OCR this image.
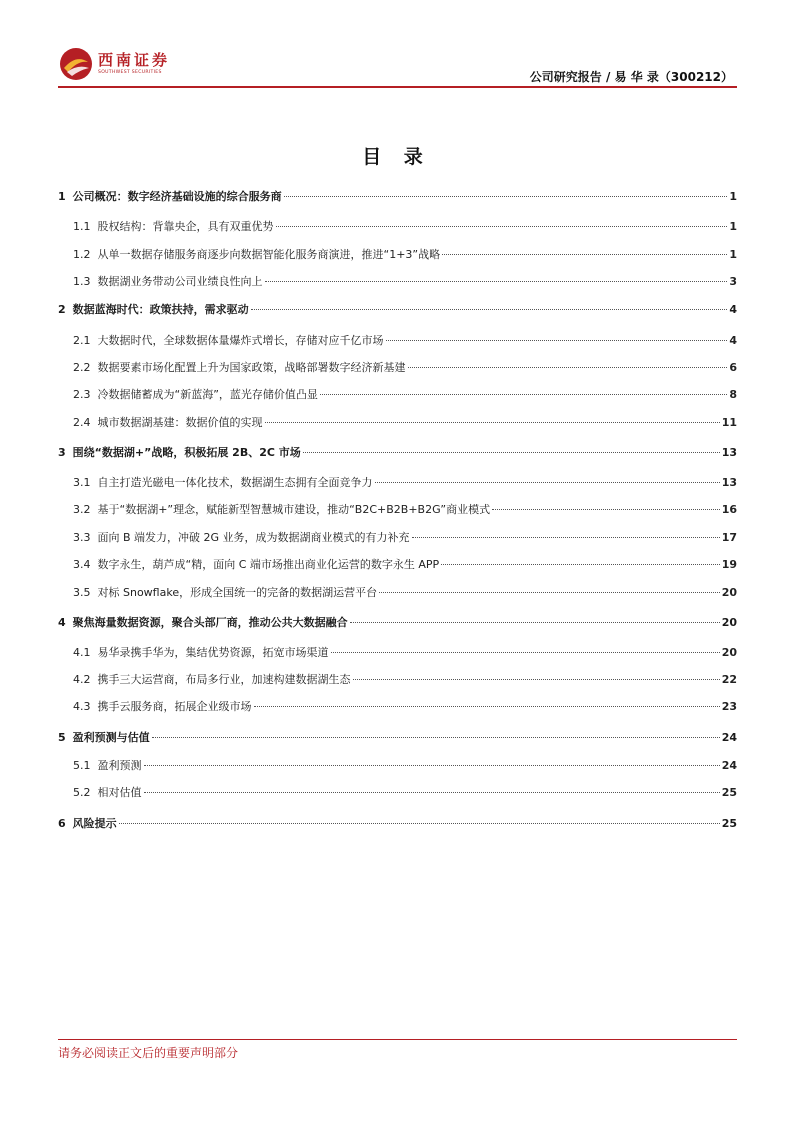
西南证券
SOUTHWEST SECURITIES	公司研究报告 / 易 华 录（300212）
目 录
1 公司概况：数字经济基础设施的综合服务商	1
1.1 股权结构：背靠央企，具有双重优势	1
1.2 从单一数据存储服务商逐步向数据智能化服务商演进，推进“1+3”战略	1
1.3 数据湖业务带动公司业绩良性向上	3
2 数据蓝海时代：政策扶持，需求驱动	4
2.1 大数据时代，全球数据体量爆炸式增长，存储对应千亿市场	4
2.2 数据要素市场化配置上升为国家政策，战略部署数字经济新基建	6
2.3 冷数据储蓄成为“新蓝海”，蓝光存储价值凸显	8
2.4 城市数据湖基建：数据价值的实现	11
3 围绕“数据湖+”战略，积极拓展 2B、2C 市场	13
3.1 自主打造光磁电一体化技术，数据湖生态拥有全面竞争力	13
3.2 基于“数据湖+”理念，赋能新型智慧城市建设，推动“B2C+B2B+B2G”商业模式	16
3.3 面向 B 端发力，冲破 2G 业务，成为数据湖商业模式的有力补充	17
3.4 数字永生，葫芦成“精，面向 C 端市场推出商业化运营的数字永生 APP	19
3.5 对标 Snowflake，形成全国统一的完备的数据湖运营平台	20
4 聚焦海量数据资源，聚合头部厂商，推动公共大数据融合	20
4.1 易华录携手华为，集结优势资源，拓宽市场渠道	20
4.2 携手三大运营商，布局多行业，加速构建数据湖生态	22
4.3 携手云服务商，拓展企业级市场	23
5 盈利预测与估值	24
5.1 盈利预测	24
5.2 相对估值	25
6 风险提示	25
请务必阅读正文后的重要声明部分
